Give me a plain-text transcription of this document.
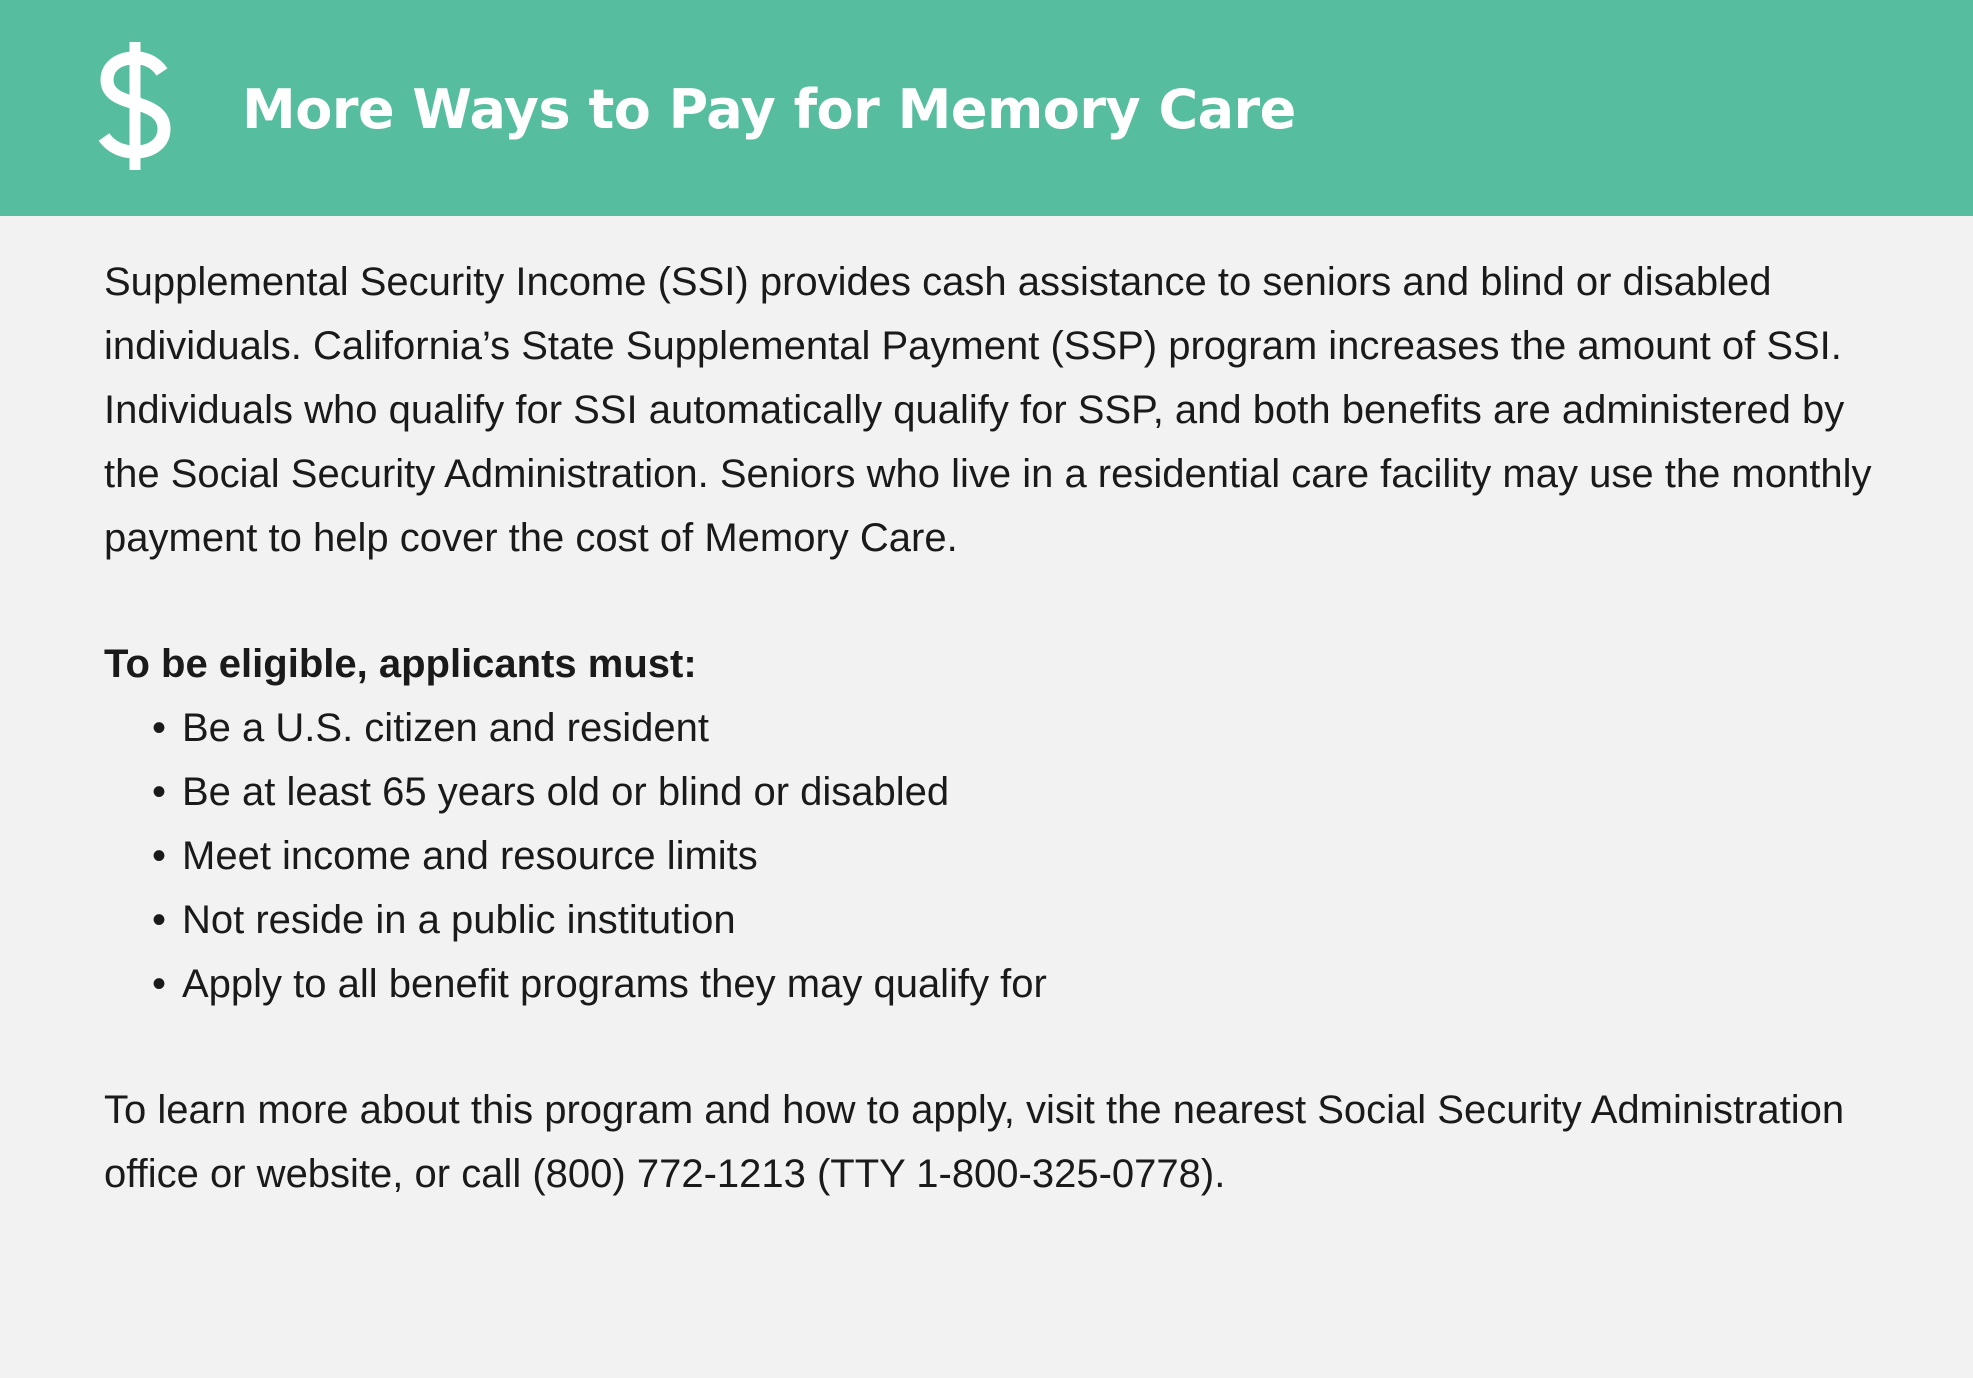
More Ways to Pay for Memory Care

Supplemental Security Income (SSI) provides cash assistance to seniors and blind or disabled individuals. California’s State Supplemental Payment (SSP) program increases the amount of SSI. Individuals who qualify for SSI automatically qualify for SSP, and both benefits are administered by the Social Security Administration. Seniors who live in a residential care facility may use the monthly payment to help cover the cost of Memory Care.

To be eligible, applicants must:
• Be a U.S. citizen and resident
• Be at least 65 years old or blind or disabled
• Meet income and resource limits
• Not reside in a public institution
• Apply to all benefit programs they may qualify for

To learn more about this program and how to apply, visit the nearest Social Security Administration office or website, or call (800) 772-1213 (TTY 1-800-325-0778).
